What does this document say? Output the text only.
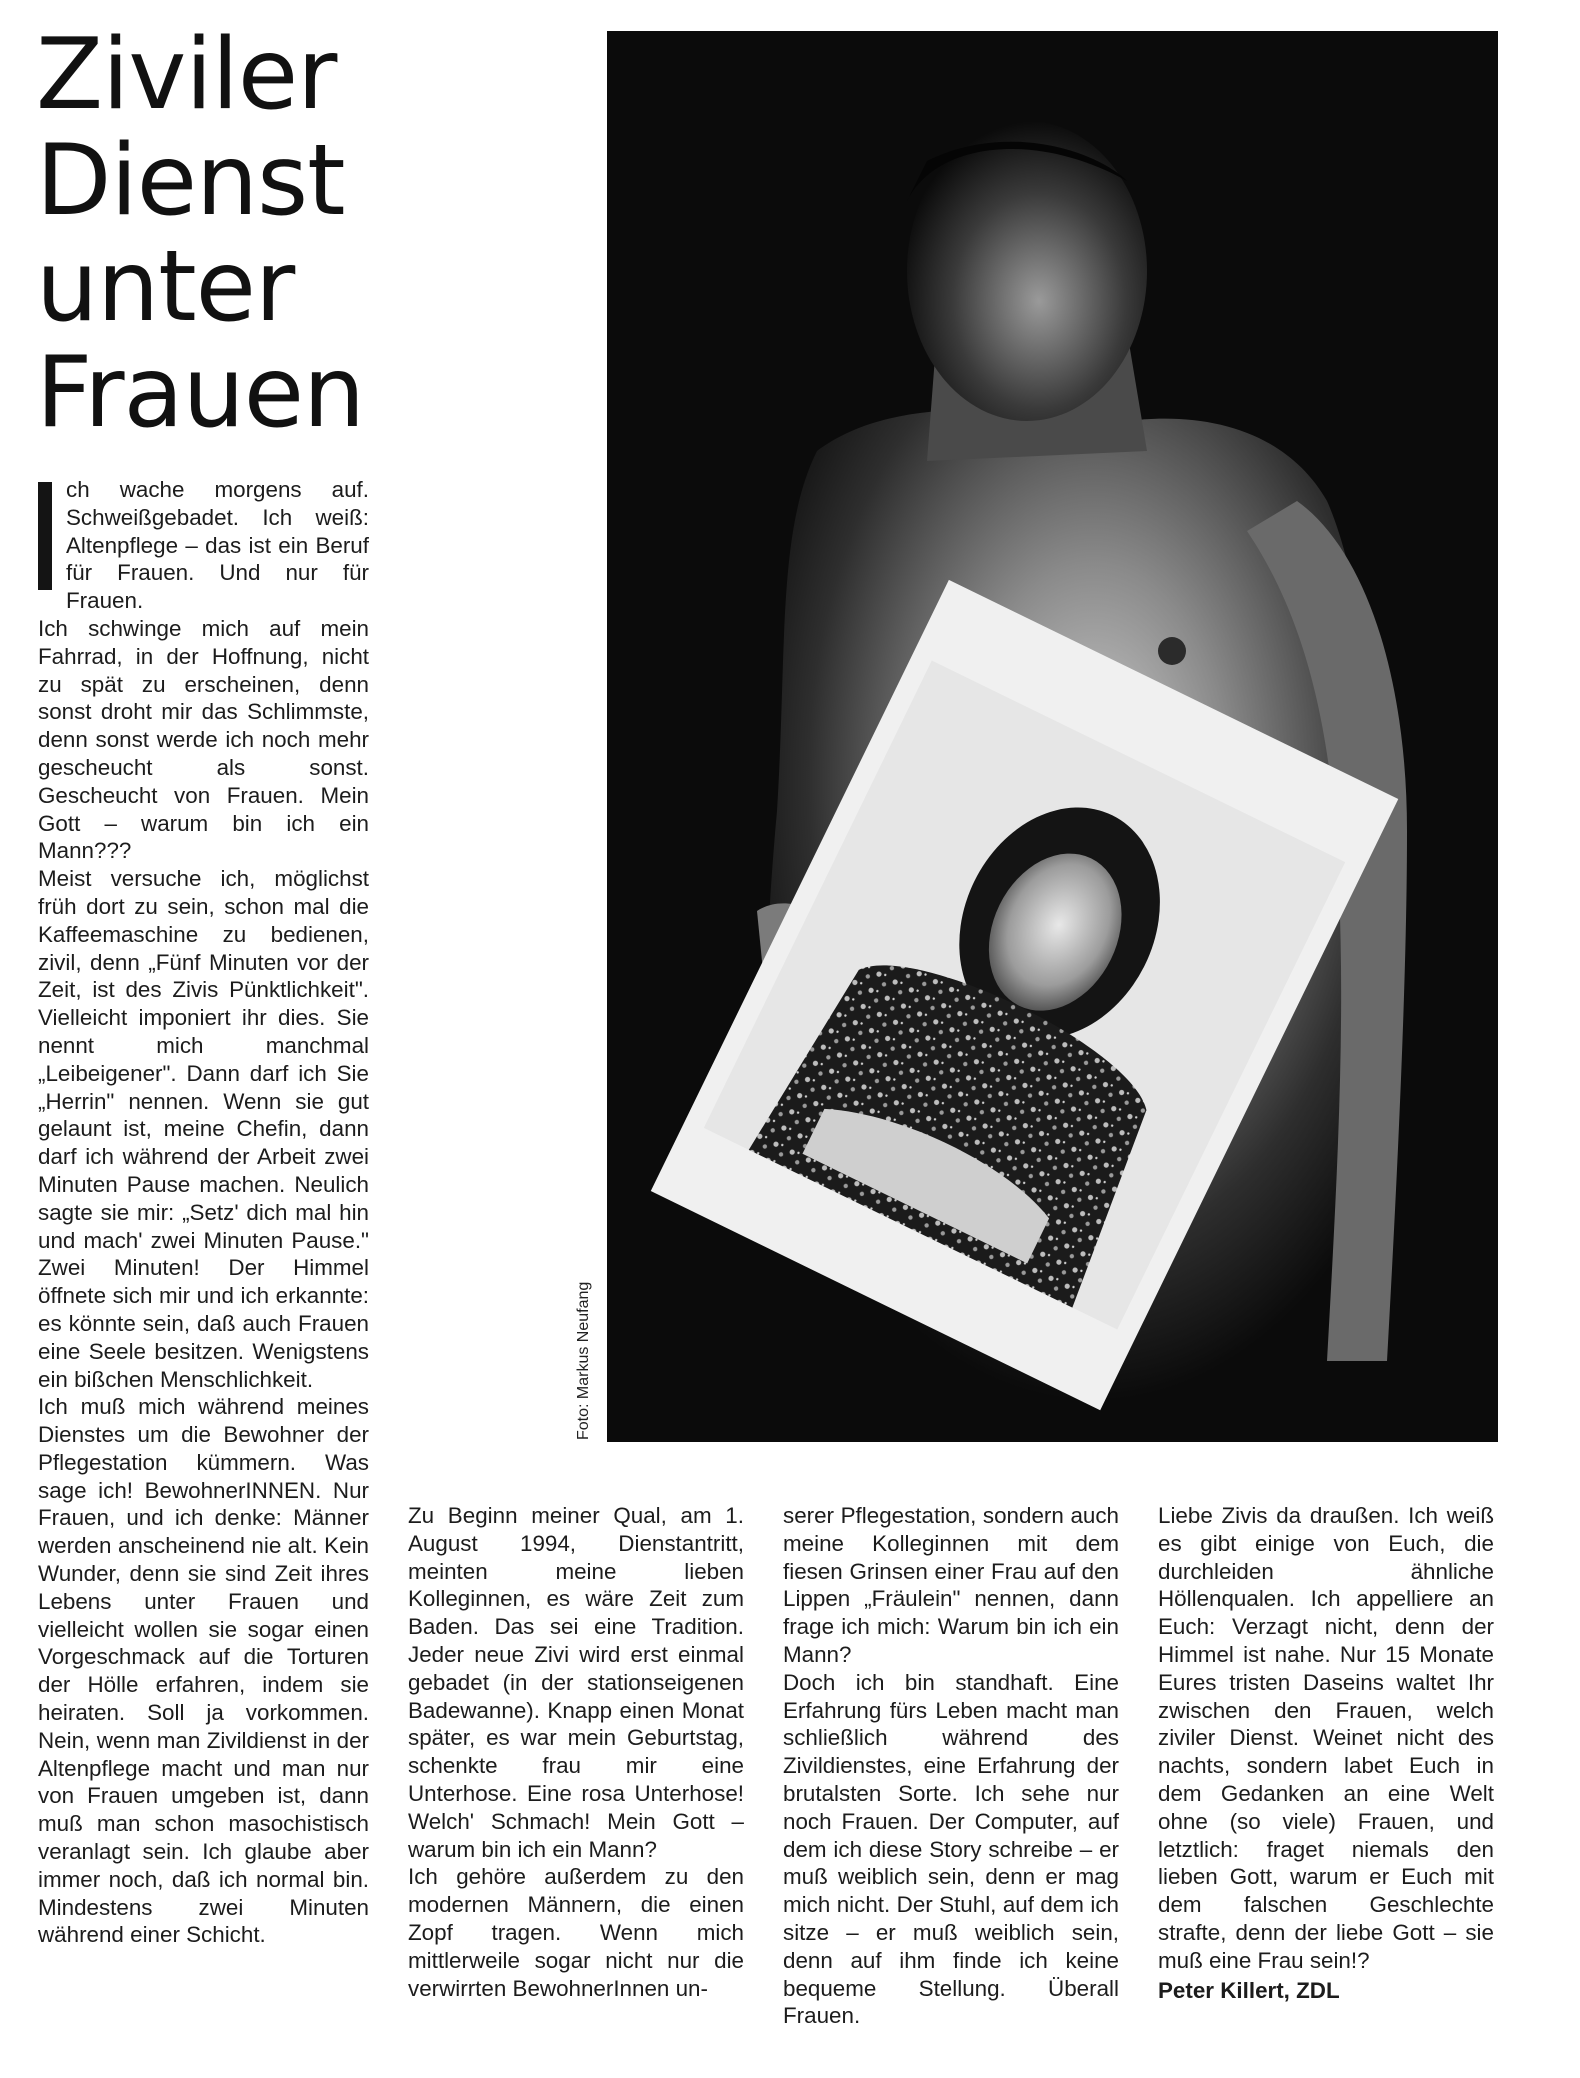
Ziviler
Dienst
unter
Frauen
Foto: Markus Neufang

ch wache morgens auf. Schweißgebadet. Ich weiß: Altenpflege – das ist ein Beruf für Frauen. Und nur für Frauen.

Ich schwinge mich auf mein Fahrrad, in der Hoffnung, nicht zu spät zu erscheinen, denn sonst droht mir das Schlimmste, denn sonst werde ich noch mehr gescheucht als sonst. Gescheucht von Frauen. Mein Gott – warum bin ich ein Mann???

Meist versuche ich, möglichst früh dort zu sein, schon mal die Kaffeemaschine zu bedienen, zivil, denn „Fünf Minuten vor der Zeit, ist des Zivis Pünktlichkeit". Vielleicht imponiert ihr dies. Sie nennt mich manchmal „Leibeigener". Dann darf ich Sie „Herrin" nennen. Wenn sie gut gelaunt ist, meine Chefin, dann darf ich während der Arbeit zwei Minuten Pause machen. Neulich sagte sie mir: „Setz' dich mal hin und mach' zwei Minuten Pause." Zwei Minuten! Der Himmel öffnete sich mir und ich erkannte: es könnte sein, daß auch Frauen eine Seele besitzen. Wenigstens ein bißchen Menschlichkeit.

Ich muß mich während meines Dienstes um die Bewohner der Pflegestation kümmern. Was sage ich! BewohnerINNEN. Nur Frauen, und ich denke: Männer werden anscheinend nie alt. Kein Wunder, denn sie sind Zeit ihres Lebens unter Frauen und vielleicht wollen sie sogar einen Vorgeschmack auf die Torturen der Hölle erfahren, indem sie heiraten. Soll ja vorkommen. Nein, wenn man Zivildienst in der Altenpflege macht und man nur von Frauen umgeben ist, dann muß man schon masochistisch veranlagt sein. Ich glaube aber immer noch, daß ich normal bin. Mindestens zwei Minuten während einer Schicht.

Zu Beginn meiner Qual, am 1. August 1994, Dienstantritt, meinten meine lieben Kolleginnen, es wäre Zeit zum Baden. Das sei eine Tradition. Jeder neue Zivi wird erst einmal gebadet (in der stationseigenen Badewanne). Knapp einen Monat später, es war mein Geburtstag, schenkte frau mir eine Unterhose. Eine rosa Unterhose! Welch' Schmach! Mein Gott – warum bin ich ein Mann?

Ich gehöre außerdem zu den modernen Männern, die einen Zopf tragen. Wenn mich mittlerweile sogar nicht nur die verwirrten BewohnerInnen un-

serer Pflegestation, sondern auch meine Kolleginnen mit dem fiesen Grinsen einer Frau auf den Lippen „Fräulein" nennen, dann frage ich mich: Warum bin ich ein Mann?

Doch ich bin standhaft. Eine Erfahrung fürs Leben macht man schließlich während des Zivildienstes, eine Erfahrung der brutalsten Sorte. Ich sehe nur noch Frauen. Der Computer, auf dem ich diese Story schreibe – er muß weiblich sein, denn er mag mich nicht. Der Stuhl, auf dem ich sitze – er muß weiblich sein, denn auf ihm finde ich keine bequeme Stellung. Überall Frauen.

Liebe Zivis da draußen. Ich weiß es gibt einige von Euch, die durchleiden ähnliche Höllenqualen. Ich appelliere an Euch: Verzagt nicht, denn der Himmel ist nahe. Nur 15 Monate Eures tristen Daseins waltet Ihr zwischen den Frauen, welch ziviler Dienst. Weinet nicht des nachts, sondern labet Euch in dem Gedanken an eine Welt ohne (so viele) Frauen, und letztlich: fraget niemals den lieben Gott, warum er Euch mit dem falschen Geschlechte strafte, denn der liebe Gott – sie muß eine Frau sein!?

Peter Killert, ZDL
